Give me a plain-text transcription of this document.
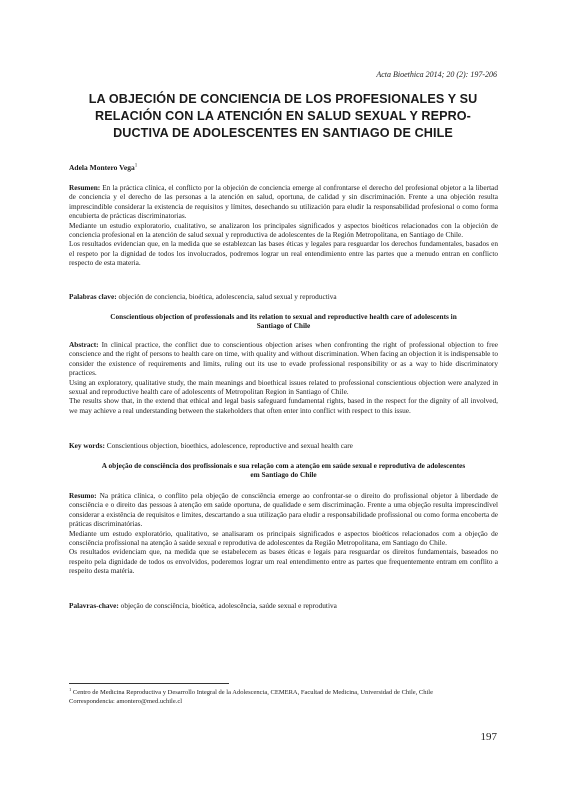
Acta Bioethica 2014; 20 (2): 197-206
LA OBJECIÓN DE CONCIENCIA DE LOS PROFESIONALES Y SU
RELACIÓN CON LA ATENCIÓN EN SALUD SEXUAL Y REPRO-
DUCTIVA DE ADOLESCENTES EN SANTIAGO DE CHILE
Adela Montero Vega$^1$

Resumen: En la práctica clínica, el conflicto por la objeción de conciencia emerge al confrontarse el derecho del profesional objetor a la libertad de conciencia y el derecho de las personas a la atención en salud, oportuna, de calidad y sin discriminación. Frente a una objeción resulta imprescindible considerar la existencia de requisitos y límites, desechando su utilización para eludir la responsabilidad profesional o como forma encubierta de prácticas discriminatorias.

Mediante un estudio exploratorio, cualitativo, se analizaron los principales significados y aspectos bioéticos relacionados con la objeción de conciencia profesional en la atención de salud sexual y reproductiva de adolescentes de la Región Metropolitana, en Santiago de Chile.

Los resultados evidencian que, en la medida que se establezcan las bases éticas y legales para resguardar los derechos fundamentales, basados en el respeto por la dignidad de todos los involucrados, podremos lograr un real entendimiento entre las partes que a menudo entran en conflicto respecto de esta materia.

Palabras clave: objeción de conciencia, bioética, adolescencia, salud sexual y reproductiva
Conscientious objection of professionals and its relation to sexual and reproductive health care of adolescents in
Santiago of Chile

Abstract: In clinical practice, the conflict due to conscientious objection arises when confronting the right of professional objection to free conscience and the right of persons to health care on time, with quality and without discrimination. When facing an objection it is indispensable to consider the existence of requirements and limits, ruling out its use to evade professional responsibility or as a way to hide discriminatory practices.

Using an exploratory, qualitative study, the main meanings and bioethical issues related to professional conscientious objection were analyzed in sexual and reproductive health care of adolescents of Metropolitan Region in Santiago of Chile.

The results show that, in the extend that ethical and legal basis safeguard fundamental rights, based in the respect for the dignity of all involved, we may achieve a real understanding between the stakeholders that often enter into conflict with respect to this issue.

Key words: Conscientious objection, bioethics, adolescence, reproductive and sexual health care
A objeção de consciência dos profissionais e sua relação com a atenção em saúde sexual e reprodutiva de adolescentes
em Santiago do Chile

Resumo: Na prática clínica, o conflito pela objeção de consciência emerge ao confrontar-se o direito do profissional objetor à liberdade de consciência e o direito das pessoas à atenção em saúde oportuna, de qualidade e sem discriminação. Frente a uma objeção resulta imprescindível considerar a existência de requisitos e limites, descartando a sua utilização para eludir a responsabilidade profissional ou como forma encoberta de práticas discriminatórias.

Mediante um estudo exploratório, qualitativo, se analisaram os principais significados e aspectos bioéticos relacionados com a objeção de consciência profissional na atenção à saúde sexual e reprodutiva de adolescentes da Região Metropolitana, em Santiago do Chile.

Os resultados evidenciam que, na medida que se estabelecem as bases éticas e legais para resguardar os direitos fundamentais, baseados no respeito pela dignidade de todos os envolvidos, poderemos lograr um real entendimento entre as partes que frequentemente entram em conflito a respeito desta matéria.

Palavras-chave: objeção de consciência, bioética, adolescência, saúde sexual e reprodutiva

$^1$ Centro de Medicina Reproductiva y Desarrollo Integral de la Adolescencia, CEMERA, Facultad de Medicina, Universidad de Chile, Chile

Correspondencia: amontero@med.uchile.cl

197
